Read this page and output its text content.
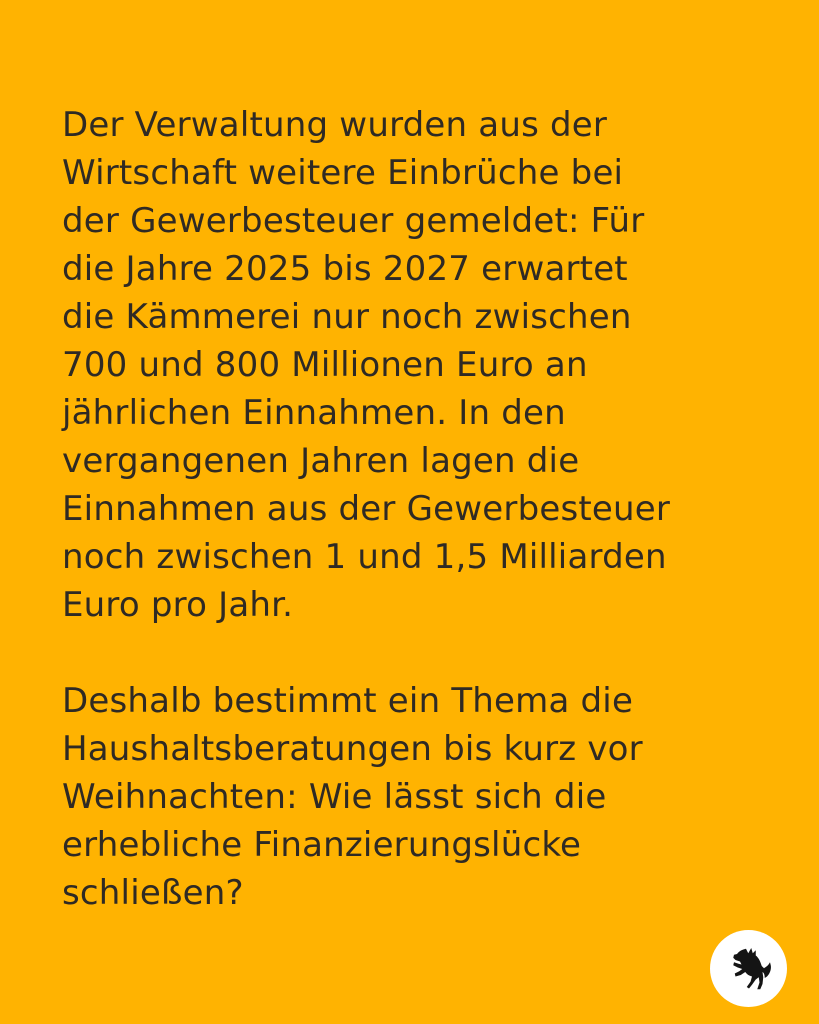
Der Verwaltung wurden aus der
Wirtschaft weitere Einbrüche bei
der Gewerbesteuer gemeldet: Für
die Jahre 2025 bis 2027 erwartet
die Kämmerei nur noch zwischen
700 und 800 Millionen Euro an
jährlichen Einnahmen. In den
vergangenen Jahren lagen die
Einnahmen aus der Gewerbesteuer
noch zwischen 1 und 1,5 Milliarden
Euro pro Jahr.
Deshalb bestimmt ein Thema die
Haushaltsberatungen bis kurz vor
Weihnachten: Wie lässt sich die
erhebliche Finanzierungslücke
schließen?
